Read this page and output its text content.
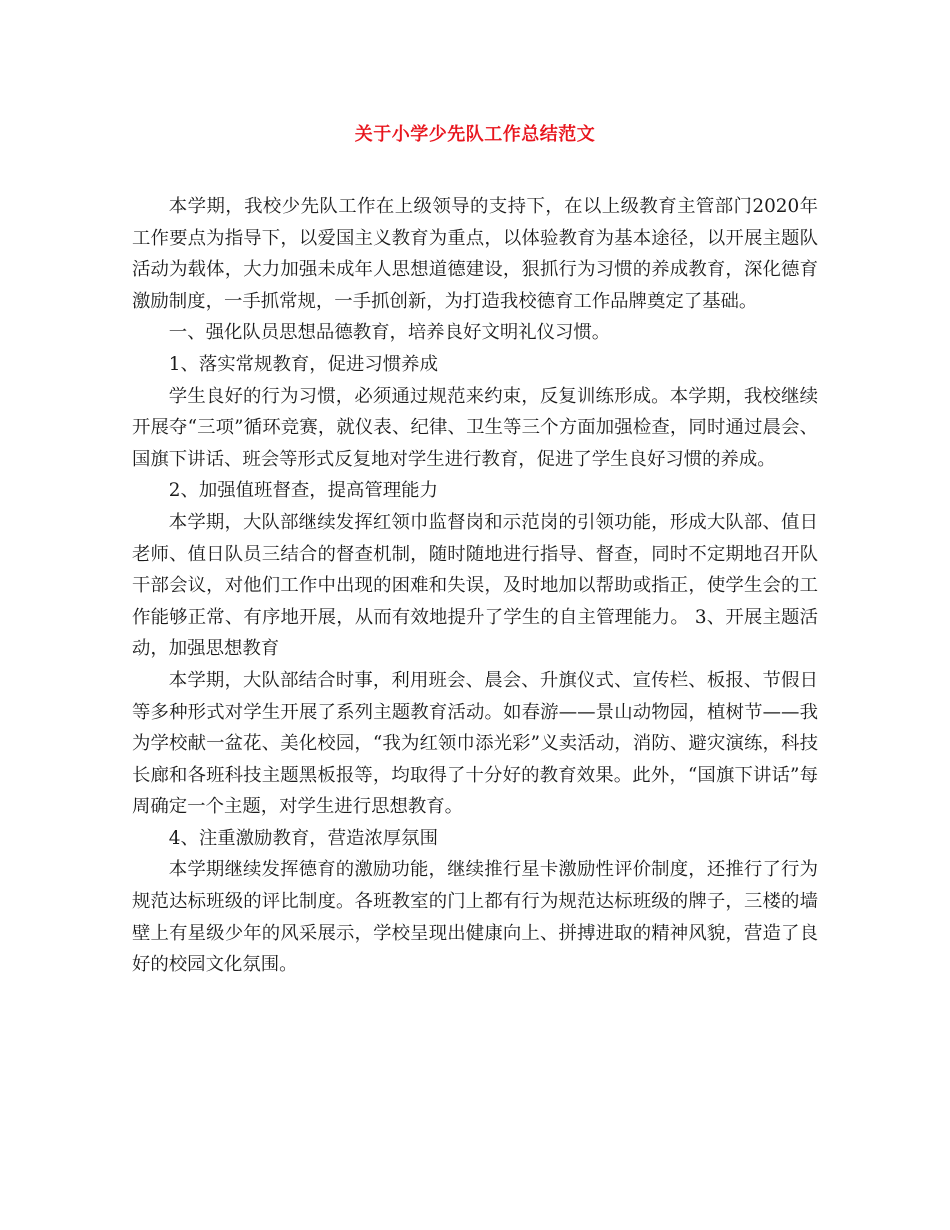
关于小学少先队工作总结范文

本学期，我校少先队工作在上级领导的支持下，在以上级教育主管部门2020年工作要点为指导下，以爱国主义教育为重点，以体验教育为基本途径，以开展主题队活动为载体，大力加强未成年人思想道德建设，狠抓行为习惯的养成教育，深化德育激励制度，一手抓常规，一手抓创新，为打造我校德育工作品牌奠定了基础。

一、强化队员思想品德教育，培养良好文明礼仪习惯。

1、落实常规教育，促进习惯养成

学生良好的行为习惯，必须通过规范来约束，反复训练形成。本学期，我校继续开展夺“三项”循环竞赛，就仪表、纪律、卫生等三个方面加强检查，同时通过晨会、国旗下讲话、班会等形式反复地对学生进行教育，促进了学生良好习惯的养成。

2、加强值班督查，提高管理能力

本学期，大队部继续发挥红领巾监督岗和示范岗的引领功能，形成大队部、值日老师、值日队员三结合的督查机制，随时随地进行指导、督查，同时不定期地召开队干部会议，对他们工作中出现的困难和失误，及时地加以帮助或指正，使学生会的工作能够正常、有序地开展，从而有效地提升了学生的自主管理能力。 3、开展主题活动，加强思想教育

本学期，大队部结合时事，利用班会、晨会、升旗仪式、宣传栏、板报、节假日等多种形式对学生开展了系列主题教育活动。如春游——景山动物园，植树节——我为学校献一盆花、美化校园，“我为红领巾添光彩”义卖活动，消防、避灾演练，科技长廊和各班科技主题黑板报等，均取得了十分好的教育效果。此外，“国旗下讲话”每周确定一个主题，对学生进行思想教育。

4、注重激励教育，营造浓厚氛围

本学期继续发挥德育的激励功能，继续推行星卡激励性评价制度，还推行了行为规范达标班级的评比制度。各班教室的门上都有行为规范达标班级的牌子，三楼的墙壁上有星级少年的风采展示，学校呈现出健康向上、拼搏进取的精神风貌，营造了良好的校园文化氛围。
